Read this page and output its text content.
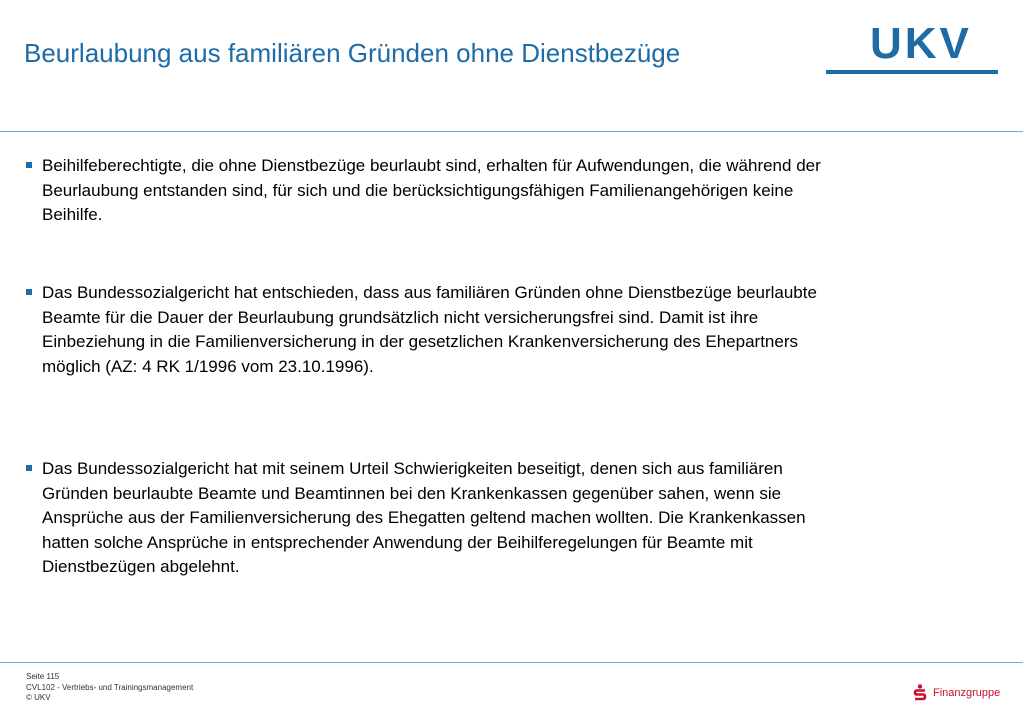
Beurlaubung aus familiären Gründen ohne Dienstbezüge	UKV

Beihilfeberechtigte, die ohne Dienstbezüge beurlaubt sind, erhalten für Aufwendungen, die während der Beurlaubung entstanden sind, für sich und die berücksichtigungsfähigen Familienangehörigen keine Beihilfe.

Das Bundessozialgericht hat entschieden, dass aus familiären Gründen ohne Dienstbezüge beurlaubte Beamte für die Dauer der Beurlaubung grundsätzlich nicht versicherungsfrei sind. Damit ist ihre Einbeziehung in die Familienversicherung in der gesetzlichen Krankenversicherung des Ehepartners möglich (AZ: 4 RK 1/1996 vom 23.10.1996).

Das Bundessozialgericht hat mit seinem Urteil Schwierigkeiten beseitigt, denen sich aus familiären Gründen beurlaubte Beamte und Beamtinnen bei den Krankenkassen gegenüber sahen, wenn sie Ansprüche aus der Familienversicherung des Ehegatten geltend machen wollten. Die Krankenkassen hatten solche Ansprüche in entsprechender Anwendung der Beihilferegelungen für Beamte mit Dienstbezügen abgelehnt.

Seite 115
CVL102 - Vertriebs- und Trainingsmanagement
© UKV	Finanzgruppe
